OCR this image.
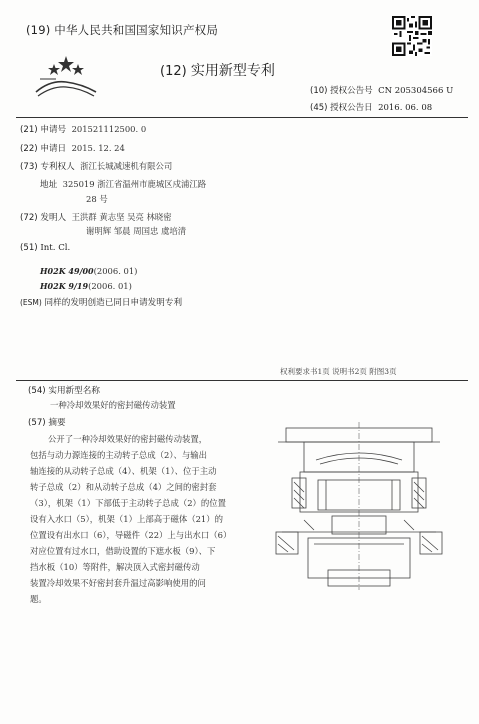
(19) 中华人民共和国国家知识产权局
(12) 实用新型专利
(10) 授权公告号 CN 205304566 U
(45) 授权公告日 2016. 06. 08
(21) 申请号 201521112500. 0
(22) 申请日 2015. 12. 24
(73) 专利权人 浙江长城减速机有限公司
地址 325019 浙江省温州市鹿城区戍浦江路
28 号
(72) 发明人 王洪群 黄志坚 吴亮 林晓密
谢明辉 邹晨 周国忠 虞培清
(51) Int. Cl.
H02K 49/00(2006. 01)
H02K 9/19(2006. 01)
(ESM) 同样的发明创造已同日申请发明专利
权利要求书1页 说明书2页 附图3页
(54) 实用新型名称
一种冷却效果好的密封磁传动装置
(57) 摘要
公开了一种冷却效果好的密封磁传动装置，
包括与动力源连接的主动转子总成（2）、与输出
轴连接的从动转子总成（4）、机架（1）、位于主动
转子总成（2）和从动转子总成（4）之间的密封套
（3），机架（1）下部低于主动转子总成（2）的位置
设有入水口（5），机架（1）上部高于磁体（21）的
位置设有出水口（6），导磁件（22）上与出水口（6）
对应位置有过水口，借助设置的下遮水板（9）、下
挡水板（10）等附件，解决顶入式密封磁传动
装置冷却效果不好密封套升温过高影响使用的问
题。
